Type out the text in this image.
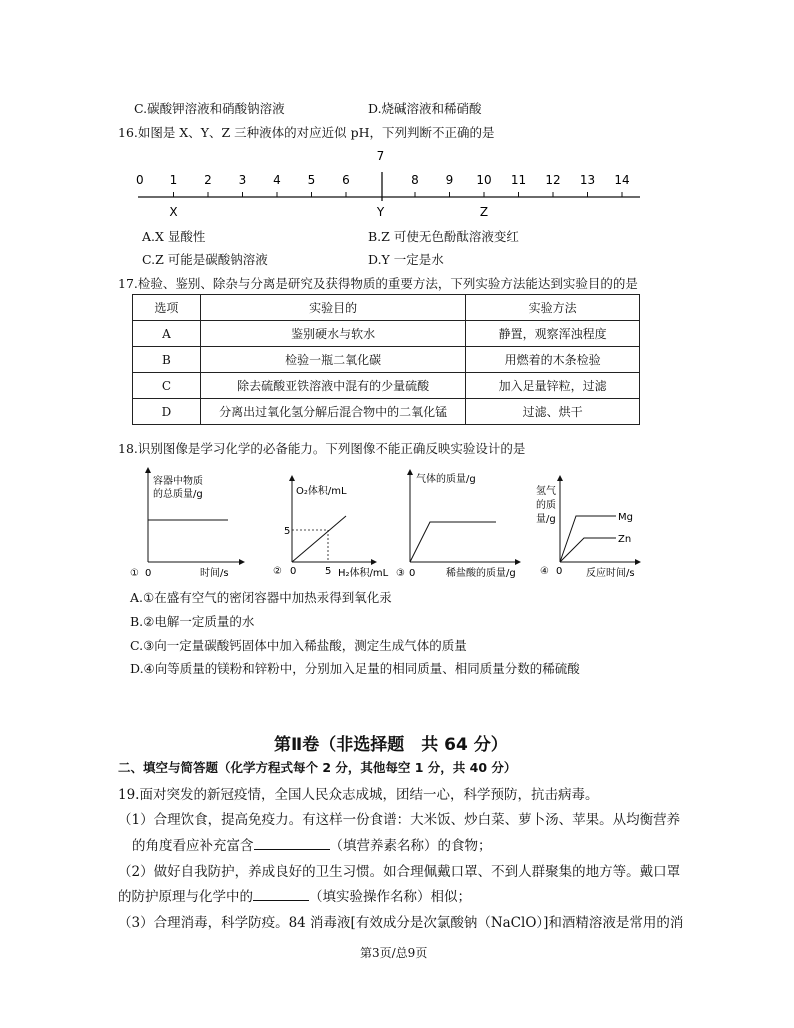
C.碳酸钾溶液和硝酸钠溶液	D.烧碱溶液和稀硝酸
16.如图是 X、Y、Z 三种液体的对应近似 pH，下列判断不正确的是
0 1 2 3 4 5 6
7
8 9 10 11 12 13 14
X	Y	Z
A.X 显酸性	B.Z 可使无色酚酞溶液变红
C.Z 可能是碳酸钠溶液	D.Y 一定是水
17.检验、鉴别、除杂与分离是研究及获得物质的重要方法，下列实验方法能达到实验目的的是
选项	实验目的	实验方法
A	鉴别硬水与软水	静置，观察浑浊程度
B	检验一瓶二氧化碳	用燃着的木条检验
C	除去硫酸亚铁溶液中混有的少量硫酸	加入足量锌粒，过滤
D	分离出过氧化氢分解后混合物中的二氧化锰	过滤、烘干
18.识别图像是学习化学的必备能力。下列图像不能正确反映实验设计的是
容器中物质
的总质量/g
时间/s
① 0
O₂体积/mL
5
5 H₂体积/mL
② 0
气体的质量/g
稀盐酸的质量/g
③ 0
氢气
的质
量/g	Mg
Zn
反应时间/s
④ 0
A.①在盛有空气的密闭容器中加热汞得到氧化汞
B.②电解一定质量的水
C.③向一定量碳酸钙固体中加入稀盐酸，测定生成气体的质量
D.④向等质量的镁粉和锌粉中，分别加入足量的相同质量、相同质量分数的稀硫酸
第Ⅱ卷（非选择题　共 64 分）
二、填空与简答题（化学方程式每个 2 分，其他每空 1 分，共 40 分）
19.面对突发的新冠疫情，全国人民众志成城，团结一心，科学预防，抗击病毒。
（1）合理饮食，提高免疫力。有这样一份食谱：大米饭、炒白菜、萝卜汤、苹果。从均衡营养
的角度看应补充富含	（填营养素名称）的食物；
（2）做好自我防护，养成良好的卫生习惯。如合理佩戴口罩、不到人群聚集的地方等。戴口罩
的防护原理与化学中的	（填实验操作名称）相似；
（3）合理消毒，科学防疫。84 消毒液[有效成分是次氯酸钠（NaClO）]和酒精溶液是常用的消
第3页/总9页
